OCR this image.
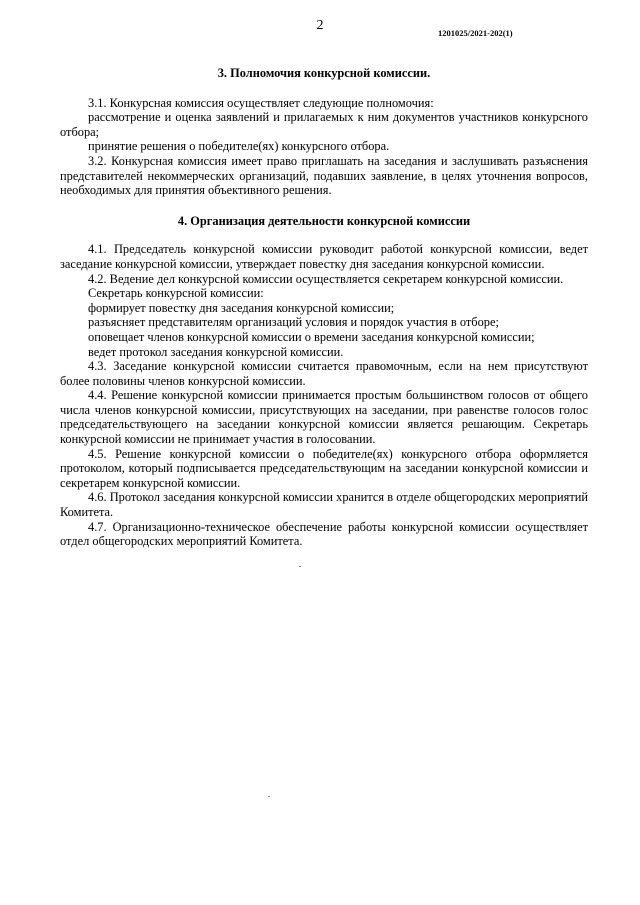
2	1201025/2021-202(1)
3. Полномочия конкурсной комиссии.

3.1. Конкурсная комиссия осуществляет следующие полномочия:

рассмотрение и оценка заявлений и прилагаемых к ним документов участников конкурсного отбора;

принятие решения о победителе(ях) конкурсного отбора.

3.2. Конкурсная комиссия имеет право приглашать на заседания и заслушивать разъяснения представителей некоммерческих организаций, подавших заявление, в целях уточнения вопросов, необходимых для принятия объективного решения.

4. Организация деятельности конкурсной комиссии

4.1. Председатель конкурсной комиссии руководит работой конкурсной комиссии, ведет заседание конкурсной комиссии, утверждает повестку дня заседания конкурсной комиссии.

4.2. Ведение дел конкурсной комиссии осуществляется секретарем конкурсной комиссии.

Секретарь конкурсной комиссии:

формирует повестку дня заседания конкурсной комиссии;

разъясняет представителям организаций условия и порядок участия в отборе;

оповещает членов конкурсной комиссии о времени заседания конкурсной комиссии;

ведет протокол заседания конкурсной комиссии.

4.3. Заседание конкурсной комиссии считается правомочным, если на нем присутствуют более половины членов конкурсной комиссии.

4.4. Решение конкурсной комиссии принимается простым большинством голосов от общего числа членов конкурсной комиссии, присутствующих на заседании, при равенстве голосов голос председательствующего на заседании конкурсной комиссии является решающим. Секретарь конкурсной комиссии не принимает участия в голосовании.

4.5. Решение конкурсной комиссии о победителе(ях) конкурсного отбора оформляется протоколом, который подписывается председательствующим на заседании конкурсной комиссии и секретарем конкурсной комиссии.

4.6. Протокол заседания конкурсной комиссии хранится в отделе общегородских мероприятий Комитета.

4.7. Организационно-техническое обеспечение работы конкурсной комиссии осуществляет отдел общегородских мероприятий Комитета.
